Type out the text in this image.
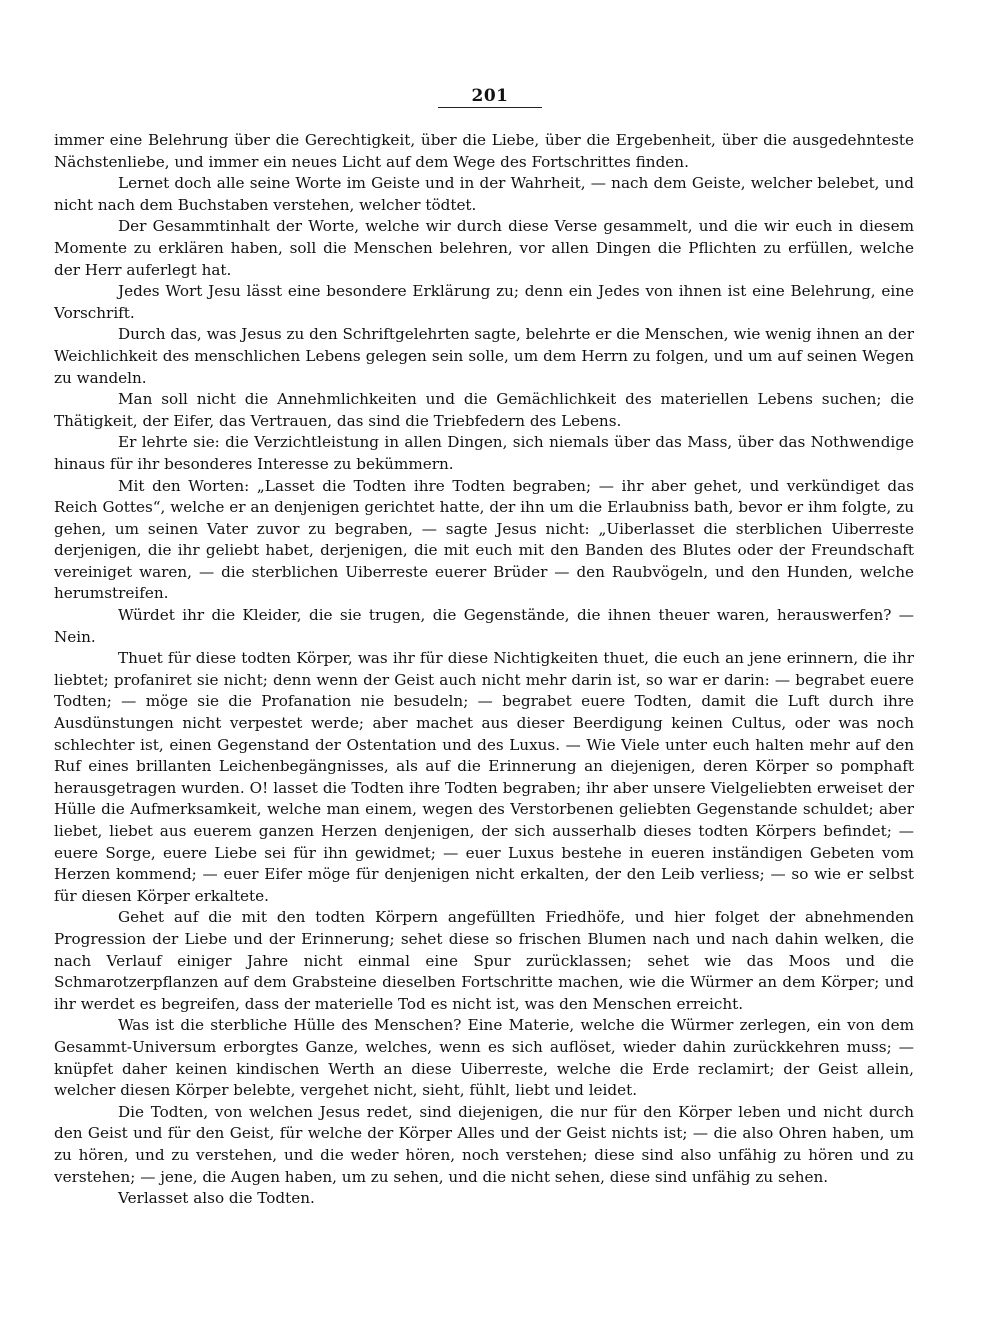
201

immer eine Belehrung über die Gerechtigkeit, über die Liebe, über die Ergebenheit, über die ausgedehnteste Nächstenliebe, und immer ein neues Licht auf dem Wege des Fortschrittes finden.

Lernet doch alle seine Worte im Geiste und in der Wahrheit, — nach dem Geiste, welcher belebet, und nicht nach dem Buchstaben verstehen, welcher tödtet.

Der Gesammtinhalt der Worte, welche wir durch diese Verse gesammelt, und die wir euch in diesem Momente zu erklären haben, soll die Menschen belehren, vor allen Dingen die Pflichten zu erfüllen, welche der Herr auferlegt hat.

Jedes Wort Jesu lässt eine besondere Erklärung zu; denn ein Jedes von ihnen ist eine Belehrung, eine Vorschrift.

Durch das, was Jesus zu den Schriftgelehrten sagte, belehrte er die Menschen, wie wenig ihnen an der Weichlichkeit des menschlichen Lebens gelegen sein solle, um dem Herrn zu folgen, und um auf seinen Wegen zu wandeln.

Man soll nicht die Annehmlichkeiten und die Gemächlichkeit des materiellen Lebens suchen; die Thätigkeit, der Eifer, das Vertrauen, das sind die Triebfedern des Lebens.

Er lehrte sie: die Verzichtleistung in allen Dingen, sich niemals über das Mass, über das Nothwendige hinaus für ihr besonderes Interesse zu bekümmern.

Mit den Worten: „Lasset die Todten ihre Todten begraben; — ihr aber gehet, und verkündiget das Reich Gottes“, welche er an denjenigen gerichtet hatte, der ihn um die Erlaubniss bath, bevor er ihm folgte, zu gehen, um seinen Vater zuvor zu begraben, — sagte Jesus nicht: „Uiberlasset die sterblichen Uiberreste derjenigen, die ihr geliebt habet, derjenigen, die mit euch mit den Banden des Blutes oder der Freundschaft vereiniget waren, — die sterblichen Uiberreste euerer Brüder — den Raubvögeln, und den Hunden, welche herumstreifen.

Würdet ihr die Kleider, die sie trugen, die Gegenstände, die ihnen theuer waren, herauswerfen? — Nein.

Thuet für diese todten Körper, was ihr für diese Nichtigkeiten thuet, die euch an jene erinnern, die ihr liebtet; profaniret sie nicht; denn wenn der Geist auch nicht mehr darin ist, so war er darin: — begrabet euere Todten; — möge sie die Profanation nie besudeln; — begrabet euere Todten, damit die Luft durch ihre Ausdünstungen nicht verpestet werde; aber machet aus dieser Beerdigung keinen Cultus, oder was noch schlechter ist, einen Gegenstand der Ostentation und des Luxus. — Wie Viele unter euch halten mehr auf den Ruf eines brillanten Leichenbegängnisses, als auf die Erinnerung an diejenigen, deren Körper so pomphaft herausgetragen wurden. O! lasset die Todten ihre Todten begraben; ihr aber unsere Vielgeliebten erweiset der Hülle die Aufmerksamkeit, welche man einem, wegen des Verstorbenen geliebten Gegenstande schuldet; aber liebet, liebet aus euerem ganzen Herzen denjenigen, der sich ausserhalb dieses todten Körpers befindet; — euere Sorge, euere Liebe sei für ihn gewidmet; — euer Luxus bestehe in eueren inständigen Gebeten vom Herzen kommend; — euer Eifer möge für denjenigen nicht erkalten, der den Leib verliess; — so wie er selbst für diesen Körper erkaltete.

Gehet auf die mit den todten Körpern angefüllten Friedhöfe, und hier folget der abnehmenden Progression der Liebe und der Erinnerung; sehet diese so frischen Blumen nach und nach dahin welken, die nach Verlauf einiger Jahre nicht einmal eine Spur zurücklassen; sehet wie das Moos und die Schmarotzerpflanzen auf dem Grabsteine dieselben Fortschritte machen, wie die Würmer an dem Körper; und ihr werdet es begreifen, dass der materielle Tod es nicht ist, was den Menschen erreicht.

Was ist die sterbliche Hülle des Menschen? Eine Materie, welche die Würmer zerlegen, ein von dem Gesammt-Universum erborgtes Ganze, welches, wenn es sich auflöset, wieder dahin zurückkehren muss; — knüpfet daher keinen kindischen Werth an diese Uiberreste, welche die Erde reclamirt; der Geist allein, welcher diesen Körper belebte, vergehet nicht, sieht, fühlt, liebt und leidet.

Die Todten, von welchen Jesus redet, sind diejenigen, die nur für den Körper leben und nicht durch den Geist und für den Geist, für welche der Körper Alles und der Geist nichts ist; — die also Ohren haben, um zu hören, und zu verstehen, und die weder hören, noch verstehen; diese sind also unfähig zu hören und zu verstehen; — jene, die Augen haben, um zu sehen, und die nicht sehen, diese sind unfähig zu sehen.

Verlasset also die Todten.
